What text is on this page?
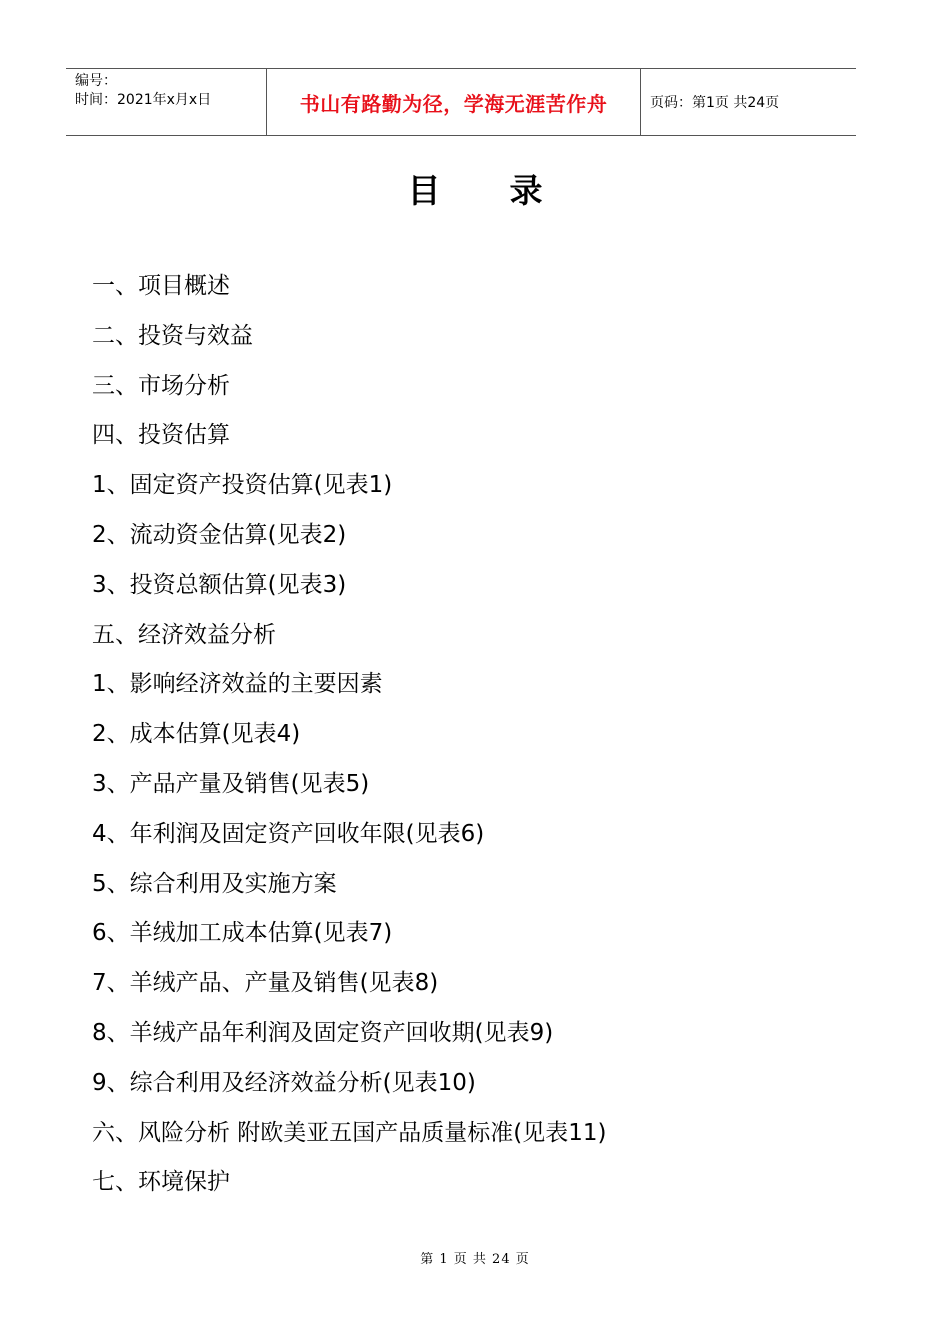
编号：
时间：2021年x月x日	书山有路勤为径，学海无涯苦作舟	页码：第1页 共24页
目      录
一、项目概述
二、投资与效益
三、市场分析
四、投资估算
1、固定资产投资估算(见表1)
2、流动资金估算(见表2)
3、投资总额估算(见表3)
五、经济效益分析
1、影响经济效益的主要因素
2、成本估算(见表4)
3、产品产量及销售(见表5)
4、年利润及固定资产回收年限(见表6)
5、综合利用及实施方案
6、羊绒加工成本估算(见表7)
7、羊绒产品、产量及销售(见表8)
8、羊绒产品年利润及固定资产回收期(见表9)
9、综合利用及经济效益分析(见表10)
六、风险分析 附欧美亚五国产品质量标准(见表11)
七、环境保护
第 1 页 共 24 页
